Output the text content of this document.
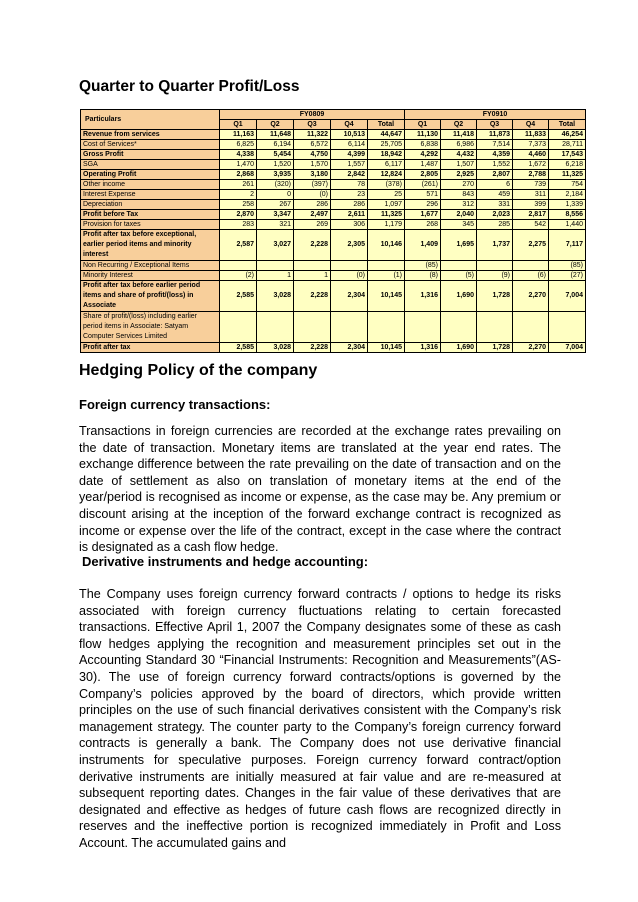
Quarter to Quarter Profit/Loss
Particulars	FY0809					FY0910				
	Q1	Q2	Q3	Q4	Total	Q1	Q2	Q3	Q4	Total
Revenue from services	11,163	11,648	11,322	10,513	44,647	11,130	11,418	11,873	11,833	46,254
Cost of Services*	6,825	6,194	6,572	6,114	25,705	6,838	6,986	7,514	7,373	28,711
Gross Profit	4,338	5,454	4,750	4,399	18,942	4,292	4,432	4,359	4,460	17,543
SGA	1,470	1,520	1,570	1,557	6,117	1,487	1,507	1,552	1,672	6,218
Operating Profit	2,868	3,935	3,180	2,842	12,824	2,805	2,925	2,807	2,788	11,325
Other income	261	(320)	(397)	78	(378)	(261)	270	6	739	754
Interest Expense	2	0	(0)	23	25	571	843	459	311	2,184
Depreciation	258	267	286	286	1,097	296	312	331	399	1,339
Profit before Tax	2,870	3,347	2,497	2,611	11,325	1,677	2,040	2,023	2,817	8,556
Provision for taxes	283	321	269	306	1,179	268	345	285	542	1,440
Profit after tax before exceptional, earlier period items and minority interest	2,587	3,027	2,228	2,305	10,146	1,409	1,695	1,737	2,275	7,117
Non Recurring / Exceptional Items						(85)				(85)
Minority Interest	(2)	1	1	(0)	(1)	(8)	(5)	(9)	(6)	(27)
Profit after tax before earlier period items and share of profit/(loss) in Associate	2,585	3,028	2,228	2,304	10,145	1,316	1,690	1,728	2,270	7,004
Share of profit/(loss) including earlier period items in Associate: Satyam Computer Services Limited										
Profit after tax	2,585	3,028	2,228	2,304	10,145	1,316	1,690	1,728	2,270	7,004
Hedging Policy of the company
Foreign currency transactions:

Transactions in foreign currencies are recorded at the exchange rates prevailing on the date of transaction. Monetary items are translated at the year end rates. The exchange difference between the rate prevailing on the date of transaction and on the date of settlement as also on translation of monetary items at the end of the year/period is recognised as income or expense, as the case may be. Any premium or discount arising at the inception of the forward exchange contract is recognized as income or expense over the life of the contract, except in the case where the contract is designated as a cash flow hedge.

Derivative instruments and hedge accounting:

The Company uses foreign currency forward contracts / options to hedge its risks associated with foreign currency fluctuations relating to certain forecasted transactions. Effective April 1, 2007 the Company designates some of these as cash flow hedges applying the recognition and measurement principles set out in the Accounting Standard 30 “Financial Instruments: Recognition and Measurements”(AS-30). The use of foreign currency forward contracts/options is governed by the Company’s policies approved by the board of directors, which provide written principles on the use of such financial derivatives consistent with the Company’s risk management strategy. The counter party to the Company’s foreign currency forward contracts is generally a bank. The Company does not use derivative financial instruments for speculative purposes. Foreign currency forward contract/option derivative instruments are initially measured at fair value and are re-measured at subsequent reporting dates. Changes in the fair value of these derivatives that are designated and effective as hedges of future cash flows are recognized directly in reserves and the ineffective portion is recognized immediately in Profit and Loss Account. The accumulated gains and
